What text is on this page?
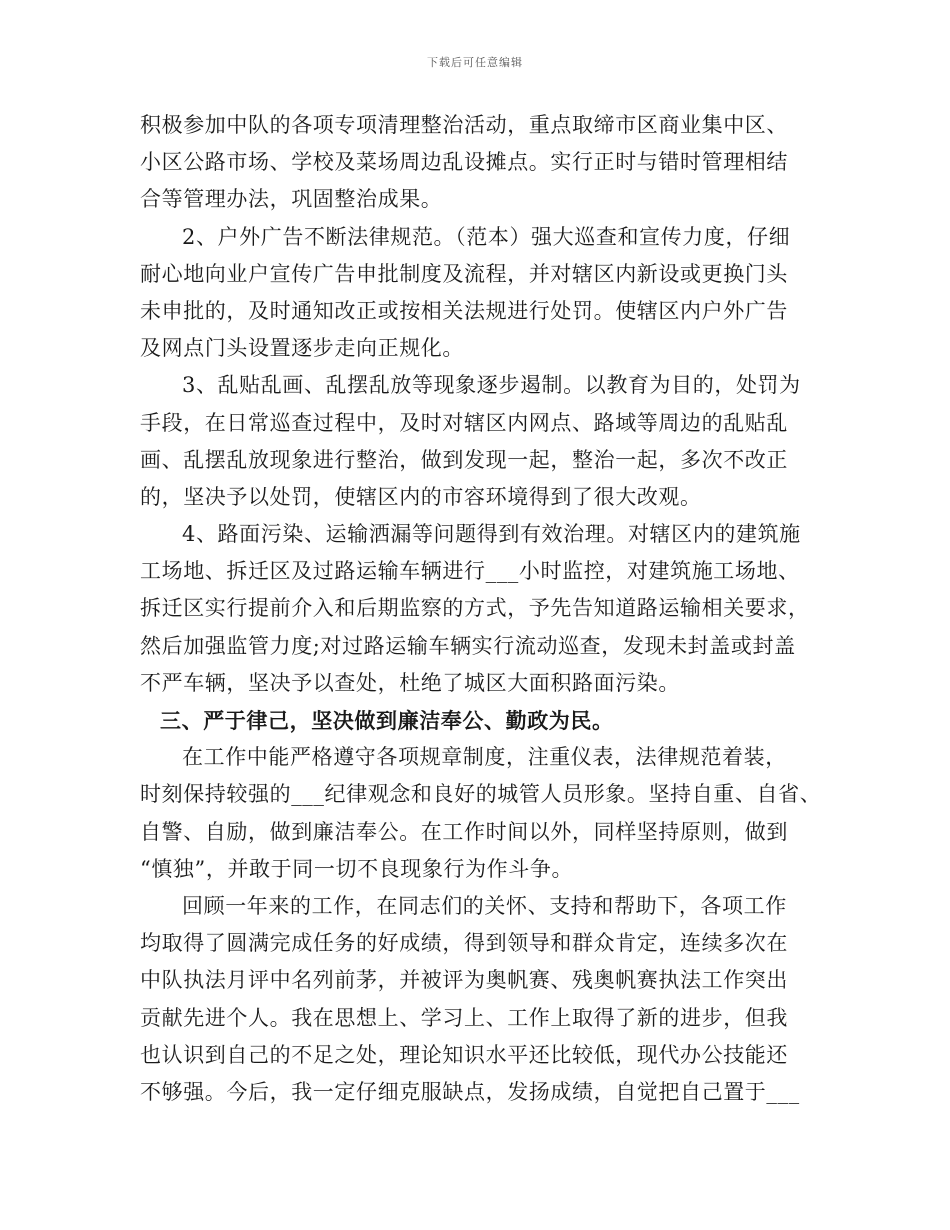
下载后可任意编辑
积极参加中队的各项专项清理整治活动，重点取缔市区商业集中区、
小区公路市场、学校及菜场周边乱设摊点。实行正时与错时管理相结
合等管理办法，巩固整治成果。
2、户外广告不断法律规范。（范本）强大巡查和宣传力度，仔细
耐心地向业户宣传广告申批制度及流程，并对辖区内新设或更换门头
未申批的，及时通知改正或按相关法规进行处罚。使辖区内户外广告
及网点门头设置逐步走向正规化。
3、乱贴乱画、乱摆乱放等现象逐步遏制。以教育为目的，处罚为
手段，在日常巡查过程中，及时对辖区内网点、路域等周边的乱贴乱
画、乱摆乱放现象进行整治，做到发现一起，整治一起，多次不改正
的，坚决予以处罚，使辖区内的市容环境得到了很大改观。
4、路面污染、运输洒漏等问题得到有效治理。对辖区内的建筑施
工场地、拆迁区及过路运输车辆进行___小时监控，对建筑施工场地、
拆迁区实行提前介入和后期监察的方式，予先告知道路运输相关要求，
然后加强监管力度;对过路运输车辆实行流动巡查，发现未封盖或封盖
不严车辆，坚决予以查处，杜绝了城区大面积路面污染。
三、严于律己，坚决做到廉洁奉公、勤政为民。
在工作中能严格遵守各项规章制度，注重仪表，法律规范着装，
时刻保持较强的___纪律观念和良好的城管人员形象。坚持自重、自省、
自警、自励，做到廉洁奉公。在工作时间以外，同样坚持原则，做到
“慎独”，并敢于同一切不良现象行为作斗争。
回顾一年来的工作，在同志们的关怀、支持和帮助下，各项工作
均取得了圆满完成任务的好成绩，得到领导和群众肯定，连续多次在
中队执法月评中名列前茅，并被评为奥帆赛、残奥帆赛执法工作突出
贡献先进个人。我在思想上、学习上、工作上取得了新的进步，但我
也认识到自己的不足之处，理论知识水平还比较低，现代办公技能还
不够强。今后，我一定仔细克服缺点，发扬成绩，自觉把自己置于___
